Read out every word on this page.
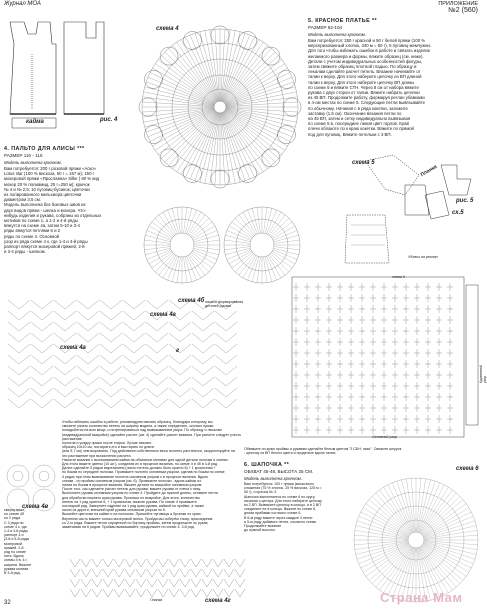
Журнал МОА	ПРИЛОЖЕНИЕ
№2 (560)
кайма	рис. 4
схема 4
4. ПАЛЬТО ДЛЯ АЛИСЫ ***
РАЗМЕР 110 - 116
Модель выполнена крючком.
Вам потребуется: 200 г розовой пряжи «Аско»
Lotus star (100 % вискоза, 50 г = 157 м); 150 г
мохеровой пряжи «Ярославна» Silke ( 80 % кид
мохер 20 % полиамид, 25 г=250 м); крючок
№ 4 и № 2,5; 10 пуговиц-бусинок; цветочки
из полированного мельхиора цветочки
диаметром 3,5 см.
Модель выполнена без боковых швов из
двух видов пряжи - шелка и мохера. Что-
нибудь изделия и рукава, собраны из отдельных
мотивов по схеме 1, а 1-2 и 4-й ряды
вяжутся на схеме 4а, затем 5-10 и 3-4
ряды вяжутся петлями 6 и 2
ряды по схеме 4. Основной
узор из ряда схеме 4 к, где 1-4 и 4-й ряды
раппорт вяжутся мохеровой пряжей, 2-й
и 3-4 ряды - шелком.
5. КРАСНОЕ ПЛАТЬЕ **
РАЗМЕР 92-104
Модель выполнена крючком.
Вам потребуется: 250 г красной и 50 г белой пряжи (100 %
мерсеризованный хлопок, 340 м = 50 г), 5 пуговиц-жемчужин.
Для того чтобы избежать ошибок в работе и связать изделие
желаемого размера и формы, вяжите образец (см. ниже).
Детали с учетом индивидуальных особенностей фигуры,
затем свяжите образец плотной гладью. По образцу и
лекалам сделайте расчет петель. Вязание начинайте от
талии к верху. Для этого наберите цепочку из ВП длиной
талии к верху, Для этого наберите цепочку ВП длины
по схеме 5 и вяжите СТН. Через 8 см от набора вяжите
рукава с двух сторон от талии. Вяжите набрать цепочки
из 45 ВП. Продолжите работу, формируя реглан убавками
в 4-ом местах по схеме 5. Следующие петли вывязывайте
по обычному. Начиная с 6 ряда кокетки, заложите
заставку (1,5 см). Окончание вязания петли по
на 45 ВП, затем и сетку индивидуально вывязывая
по схеме 5 в, посередине линия цвет горлов. Край
плечи облакоте по к краю кокетки. Вяжите по прямой
под для пуговиц. Вяжите петельки с 3 ВП.
схема 5
Планка
рис. 5
сх.5
Убавки на реглан
схема 4б
схема 4а
схема 4а
начало формирования
деталей рукава
г
схема 5
Основной узор
Кружевной узор
Обвяжите по краю проймы и рукавам сделайте белым цветом "3 СБН, пико". Свяжите шнурок
- цепочку из ВП белого цвета и проденьте вдоль талии.
Чтобы избежать ошибок в работе, рекомендуем связать образец, благодаря которому, вы
сможете узнать количество петель на ширину модели, а также определить, сколько пряжи
понадобится на всю вещь, и потренироваться над вывязыванием узора. По образцу и лекалам
(индивидуальной выкройке) сделайте расчет (см. 4) сделайте расчет вязания. При расчете следует учесть растяжение
полотна и усадку пряжи после стирки. Лучше связать
образец 10х10 см, постирать его и выстирать по длине
(или 5-7 см) чем выровнять. Под действием собственного веса полотно растянется, скорректируйте на
это растяжение при вычислении расчета.
Начните вязание с вытачиванием кайма на обьемных мотивах для одной детали полочки и спинки.
Для этого вяжите цветок (10 шт.), соединив их в процессе вязания, по схеме 4 и 4б в 4-й ряд.
Далее сделайте 5 рядов вырезанием (число петель должно быть кратно 6) + 1 кромочная +
по бокам по середине полочки. Провяжите полотно основным узором, сделав по бокам по схеме
4 рядах при этом вывязывание полотна основным узором с в процессе вязания. Вдоль
спинки - по проймы основным узором (см. 6). Провяжите полочки - вдоль каймы из
линии по бокам в процессе вязания. Вяжите детали по выкройке основным узором.
После того, как сделаете расчет петель для рукава, вяжите рукава от плеча к низу.
Выполните рукава основным узором по схеме 4. Пройдите до нужной длины, оставьте петли
для обработки нижнего края рукава. Пропиши по выкройке. Для этого, количество
петель на 1 ряд кратное 6, + 1 кромочная, вяжите рукава. По схеме 4 провяжите
последний ряд. Заверните изделие на 1 ряд края рукава, каймой по пройме, а также
около из дороги, внешний край рукава основным узором по 5.
Вышейте цветочки на кайме и на полочках. Пришейте пуговицы и бусинки по краю.
Верхнюю часть вяжите только мохеровой нитью. Пройдя мы соберём снизу, присоединив
со 2-го ряда. Вяжите петли спущенной по бортику проймы, затем продолжите по рукав,
заканчивая на 6 рядов. Проймы вывязывайте, продолжите по схеме 4. 3-й ряд.
сверху вниз,
по схеме 4б
по 2 ряда.
С 3 ряда по
схеме 4 к, где
1-4 и 4-й ряды
раппорт 4 и
(3-й и 5-й ряды
мохеровой
пряжей. 2-й
ряд по схеме
нить. Вдоль
схемы 4 в, 4 г,
ширина. Вяжите
рукава мотива
В 3-й ряд.
схема 4в
Планка	схема 4г
6. ШАПОЧКА **
ОБХВАТ 45-48, ВЫСОТА 25 СМ.
Модель выполнена крючком.
Вам потребуется: 100 г пряжи (вискозного
сложения (75 % хлопок, 25 % вискоза, 125 м =
50 г), и крючок № 3.
Шапочка выполняется по схеме 6 по кругу,
начиная с центра. Для этого наберите цепочку
из 2 ВП. Вывяжите цепочку в кольцо, и в 2 ВП
соедините ее в кольцо. Вяжите по схеме 6,
делая прибавки согласно схеме 6.
В 6-м ряду вяжите через каждые 4 петли
и 5-м ряду добавьте петли, согласно схеме.
Продолжайте вязание
до нужной высоты.
схема 6
Страна Мам
32
